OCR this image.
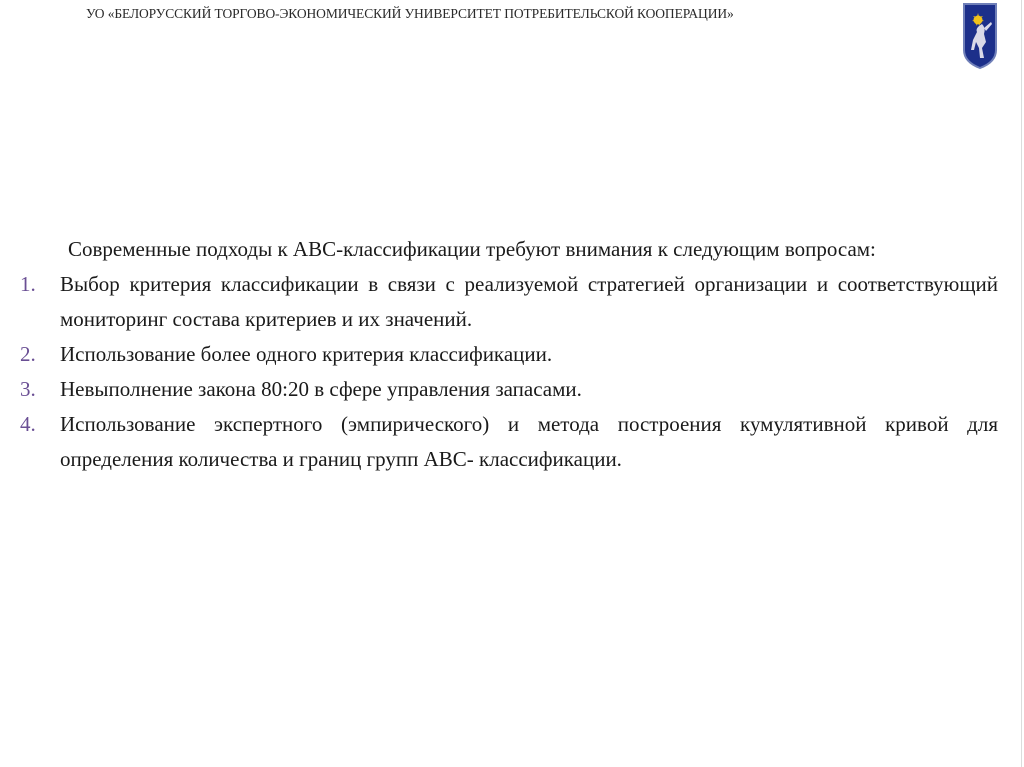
УО «БЕЛОРУССКИЙ ТОРГОВО-ЭКОНОМИЧЕСКИЙ УНИВЕРСИТЕТ ПОТРЕБИТЕЛЬСКОЙ КООПЕРАЦИИ»

Современные подходы к АВС-классификации требуют внимания к следующим вопросам:

1. Выбор критерия классификации в связи с реализуемой стратегией организации и соответствующий мониторинг состава критериев и их значений.
2. Использование более одного критерия классификации.
3. Невыполнение закона 80:20 в сфере управления запасами.
4. Использование экспертного (эмпирического) и метода построения кумулятивной кривой для определения количества и границ групп АВС- классификации.
